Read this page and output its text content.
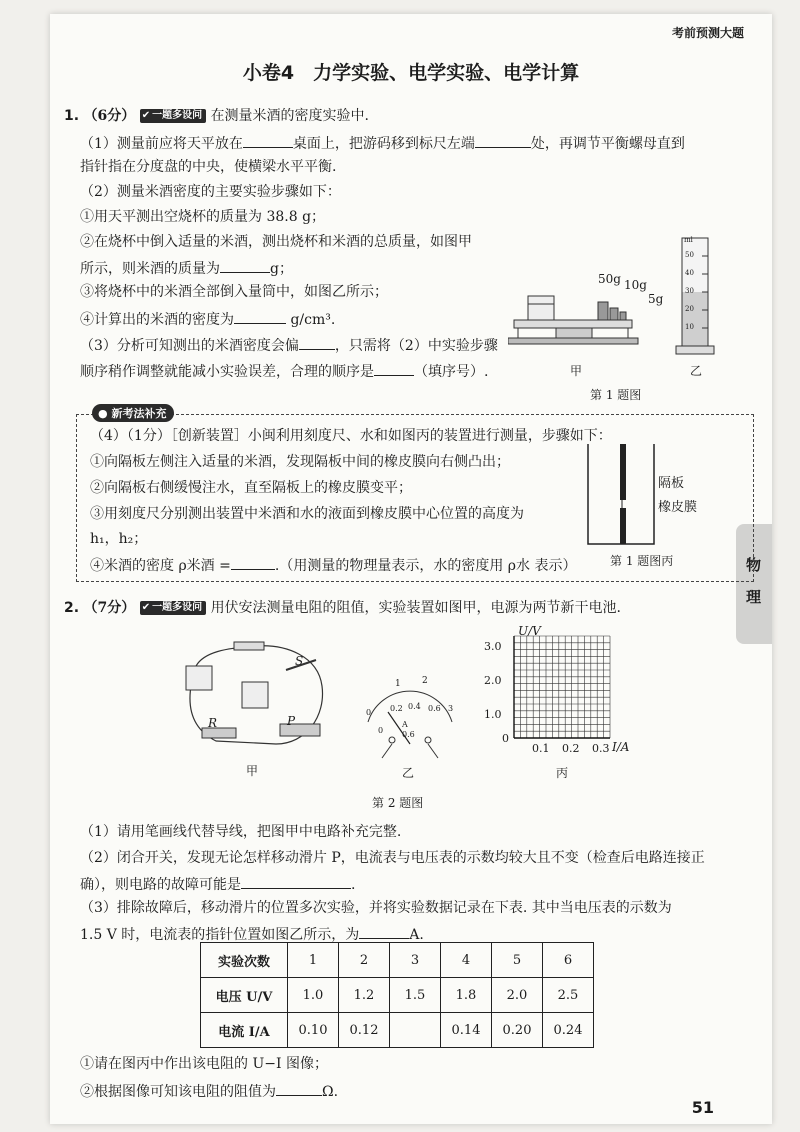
考前预测大题
小卷4　力学实验、电学实验、电学计算
物
理
1. （6分） ✔ 一题多设问 在测量米酒的密度实验中.
（1）测量前应将天平放在	桌面上，把游码移到标尺左端	处，再调节平衡螺母直到
指针指在分度盘的中央，使横梁水平平衡.
（2）测量米酒密度的主要实验步骤如下：
①用天平测出空烧杯的质量为 38.8 g；
②在烧杯中倒入适量的米酒，测出烧杯和米酒的总质量，如图甲
所示，则米酒的质量为	g；
③将烧杯中的米酒全部倒入量筒中，如图乙所示；
④计算出的米酒的密度为	g/cm³.
（3）分析可知测出的米酒密度会偏	，只需将（2）中实验步骤
顺序稍作调整就能减小实验误差，合理的顺序是	（填序号）.
50g 10g
5g
甲
ml
50
40
30
20
10
乙
第 1 题图
● 新考法补充
（4）（1分）［创新装置］小闽利用刻度尺、水和如图丙的装置进行测量，步骤如下：
①向隔板左侧注入适量的米酒，发现隔板中间的橡皮膜向右侧凸出；
②向隔板右侧缓慢注水，直至隔板上的橡皮膜变平；
③用刻度尺分别测出装置中米酒和水的液面到橡皮膜中心位置的高度为
h₁，h₂；
④米酒的密度 ρ米酒 =	.（用测量的物理量表示，水的密度用 ρ水 表示）
隔板
橡皮膜
第 1 题图丙
2. （7分） ✔ 一题多设问 用伏安法测量电阻的阻值，实验装置如图甲，电源为两节新干电池.
S
R	P
甲
1 2
0.2 0.4 0.6
0	3
0
A
0.6
乙
U/V
3.0
2.0
1.0
0
0.1 0.2 0.3 I/A
丙
第 2 题图
（1）请用笔画线代替导线，把图甲中电路补充完整.
（2）闭合开关，发现无论怎样移动滑片 P，电流表与电压表的示数均较大且不变（检查后电路连接正
确），则电路的故障可能是	.
（3）排除故障后，移动滑片的位置多次实验，并将实验数据记录在下表. 其中当电压表的示数为
1.5 V 时，电流表的指针位置如图乙所示，为	A.
实验次数	1	2	3	4	5	6
电压 U/V	1.0	1.2	1.5	1.8	2.0	2.5
电流 I/A	0.10	0.12		0.14	0.20	0.24
①请在图丙中作出该电阻的 U−I 图像；
②根据图像可知该电阻的阻值为	Ω.
51
